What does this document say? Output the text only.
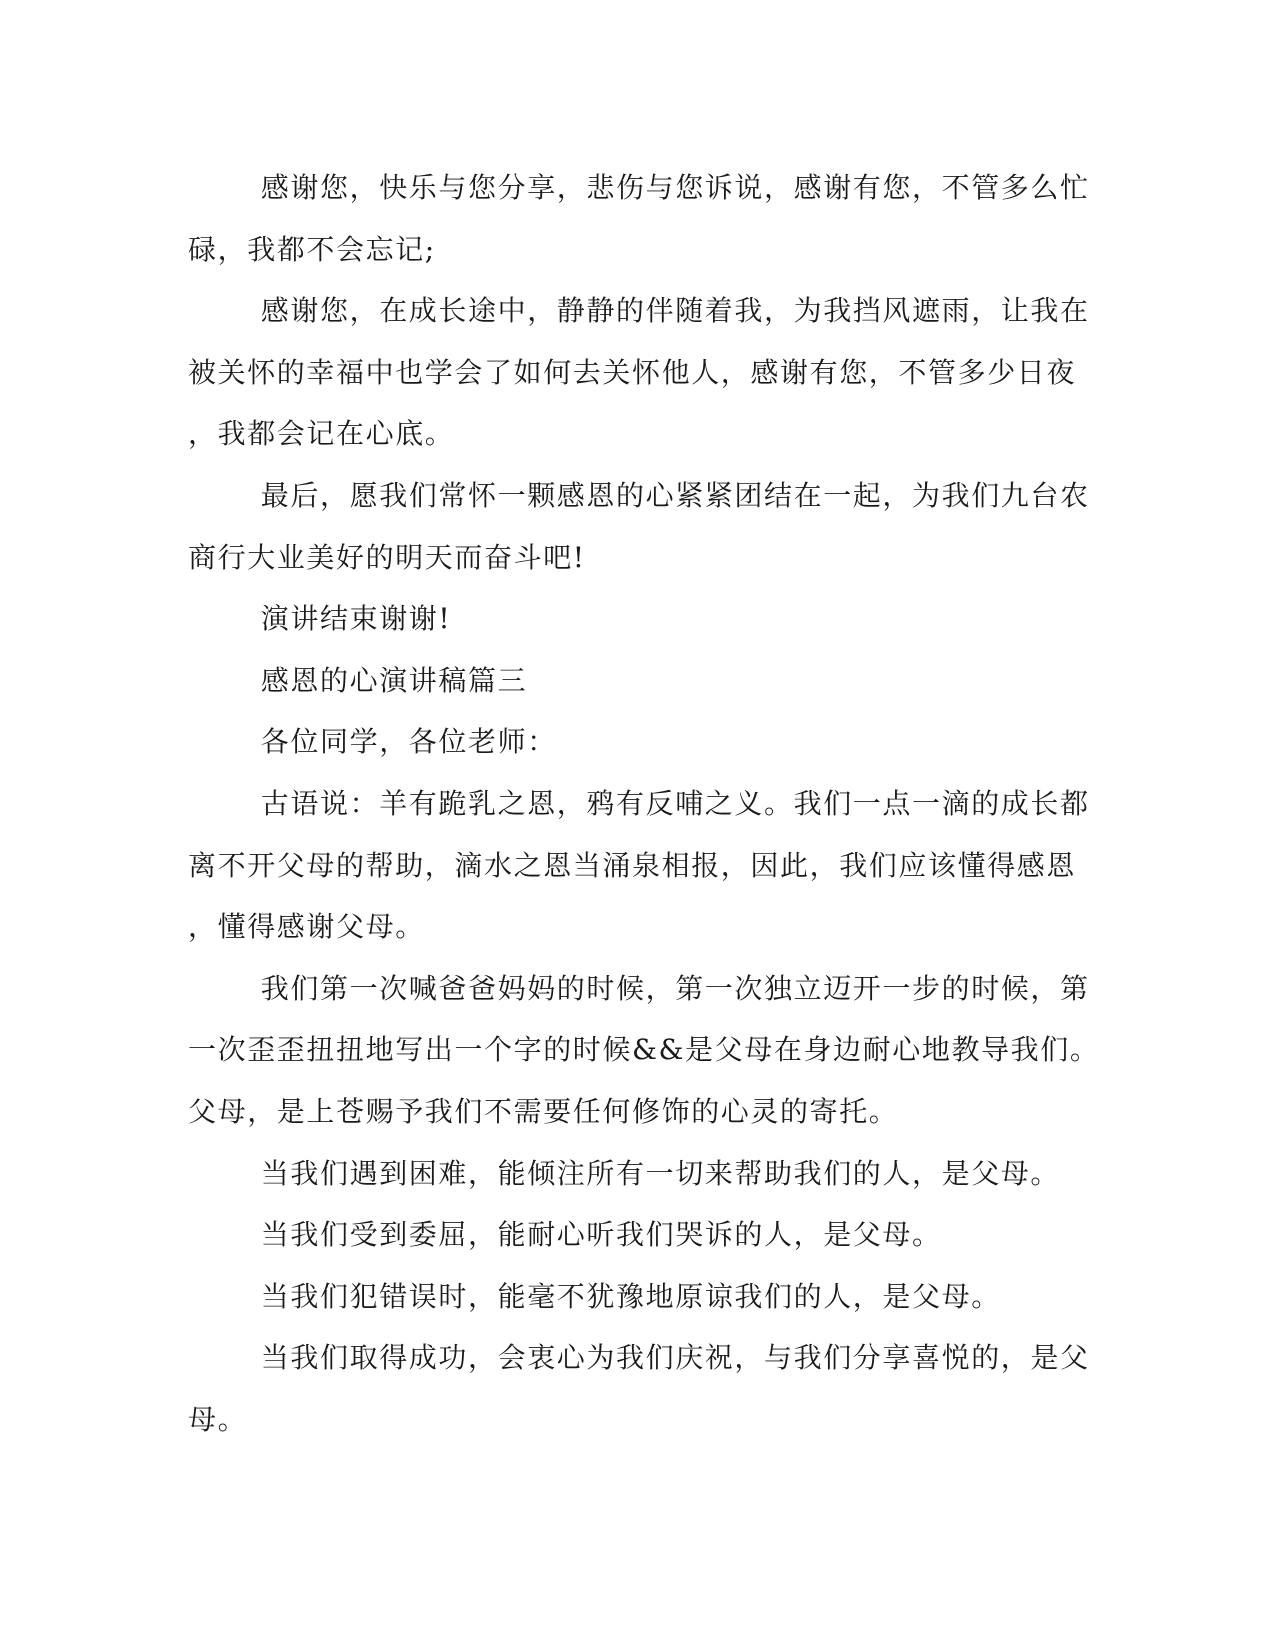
感谢您，快乐与您分享，悲伤与您诉说，感谢有您，不管多么忙
碌，我都不会忘记;

感谢您，在成长途中，静静的伴随着我，为我挡风遮雨，让我在
被关怀的幸福中也学会了如何去关怀他人，感谢有您，不管多少日夜
，我都会记在心底。

最后，愿我们常怀一颗感恩的心紧紧团结在一起，为我们九台农
商行大业美好的明天而奋斗吧!

演讲结束谢谢!

感恩的心演讲稿篇三

各位同学，各位老师：

古语说：羊有跪乳之恩，鸦有反哺之义。我们一点一滴的成长都
离不开父母的帮助，滴水之恩当涌泉相报，因此，我们应该懂得感恩
，懂得感谢父母。

我们第一次喊爸爸妈妈的时候，第一次独立迈开一步的时候，第
一次歪歪扭扭地写出一个字的时候&&是父母在身边耐心地教导我们。
父母，是上苍赐予我们不需要任何修饰的心灵的寄托。

当我们遇到困难，能倾注所有一切来帮助我们的人，是父母。

当我们受到委屈，能耐心听我们哭诉的人，是父母。

当我们犯错误时，能毫不犹豫地原谅我们的人，是父母。

当我们取得成功，会衷心为我们庆祝，与我们分享喜悦的，是父
母。
